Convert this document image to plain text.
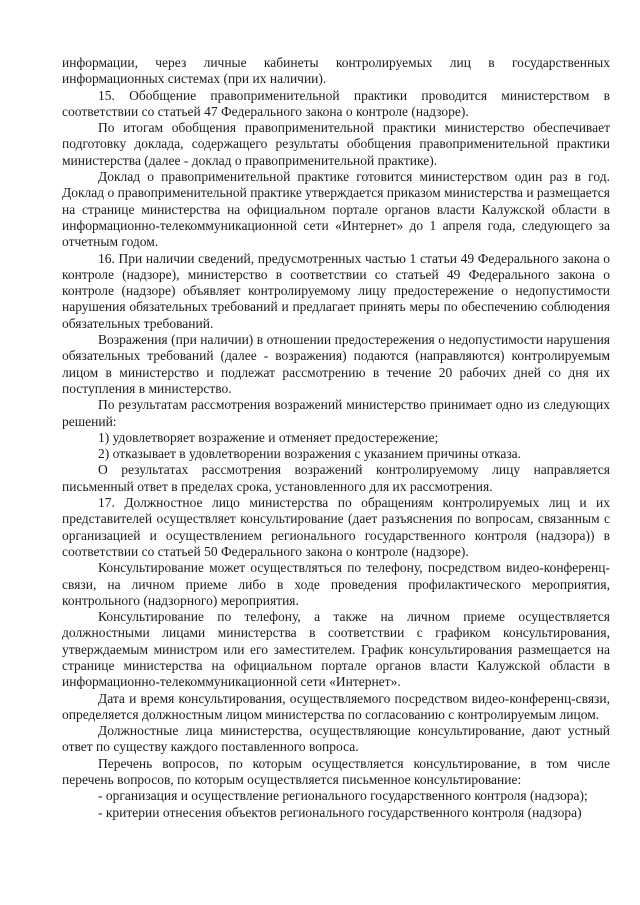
информации, через личные кабинеты контролируемых лиц в государственных информационных системах (при их наличии).

15. Обобщение правоприменительной практики проводится министерством в соответствии со статьей 47 Федерального закона о контроле (надзоре).

По итогам обобщения правоприменительной практики министерство обеспечивает подготовку доклада, содержащего результаты обобщения правоприменительной практики министерства (далее - доклад о правоприменительной практике).

Доклад о правоприменительной практике готовится министерством один раз в год. Доклад о правоприменительной практике утверждается приказом министерства и размещается на странице министерства на официальном портале органов власти Калужской области в информационно-телекоммуникационной сети «Интернет» до 1 апреля года, следующего за отчетным годом.

16. При наличии сведений, предусмотренных частью 1 статьи 49 Федерального закона о контроле (надзоре), министерство в соответствии со статьей 49 Федерального закона о контроле (надзоре) объявляет контролируемому лицу предостережение о недопустимости нарушения обязательных требований и предлагает принять меры по обеспечению соблюдения обязательных требований.

Возражения (при наличии) в отношении предостережения о недопустимости нарушения обязательных требований (далее - возражения) подаются (направляются) контролируемым лицом в министерство и подлежат рассмотрению в течение 20 рабочих дней со дня их поступления в министерство.

По результатам рассмотрения возражений министерство принимает одно из следующих решений:

1) удовлетворяет возражение и отменяет предостережение;

2) отказывает в удовлетворении возражения с указанием причины отказа.

О результатах рассмотрения возражений контролируемому лицу направляется письменный ответ в пределах срока, установленного для их рассмотрения.

17. Должностное лицо министерства по обращениям контролируемых лиц и их представителей осуществляет консультирование (дает разъяснения по вопросам, связанным с организацией и осуществлением регионального государственного контроля (надзора)) в соответствии со статьей 50 Федерального закона о контроле (надзоре).

Консультирование может осуществляться по телефону, посредством видео-конференц-связи, на личном приеме либо в ходе проведения профилактического мероприятия, контрольного (надзорного) мероприятия.

Консультирование по телефону, а также на личном приеме осуществляется должностными лицами министерства в соответствии с графиком консультирования, утверждаемым министром или его заместителем. График консультирования размещается на странице министерства на официальном портале органов власти Калужской области в информационно-телекоммуникационной сети «Интернет».

Дата и время консультирования, осуществляемого посредством видео-конференц-связи, определяется должностным лицом министерства по согласованию с контролируемым лицом.

Должностные лица министерства, осуществляющие консультирование, дают устный ответ по существу каждого поставленного вопроса.

Перечень вопросов, по которым осуществляется консультирование, в том числе перечень вопросов, по которым осуществляется письменное консультирование:

- организация и осуществление регионального государственного контроля (надзора);

- критерии отнесения объектов регионального государственного контроля (надзора)
